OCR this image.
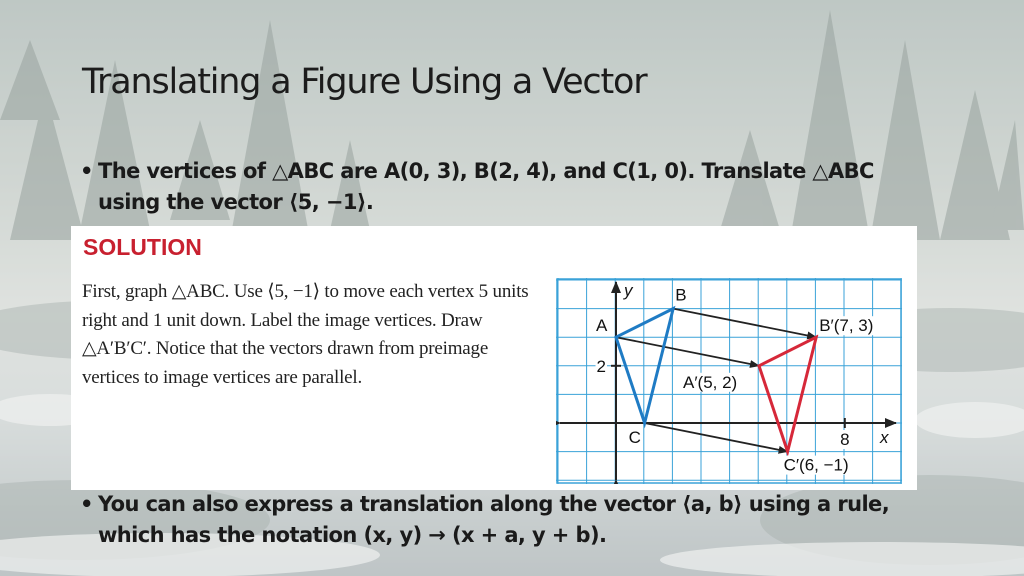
Translating a Figure Using a Vector
• The vertices of △ABC are A(0, 3), B(2, 4), and C(1, 0). Translate △ABC using the vector ⟨5, −1⟩.
SOLUTION
First, graph △ABC. Use ⟨5, −1⟩ to move each vertex 5 units right and 1 unit down. Label the image vertices. Draw △A′B′C′. Notice that the vectors drawn from preimage vertices to image vertices are parallel.
y
x
2
8
A
B
C
A′(5, 2)
B′(7, 3)
C′(6, −1)
• You can also express a translation along the vector ⟨a, b⟩ using a rule, which has the notation (x, y) → (x + a, y + b).
